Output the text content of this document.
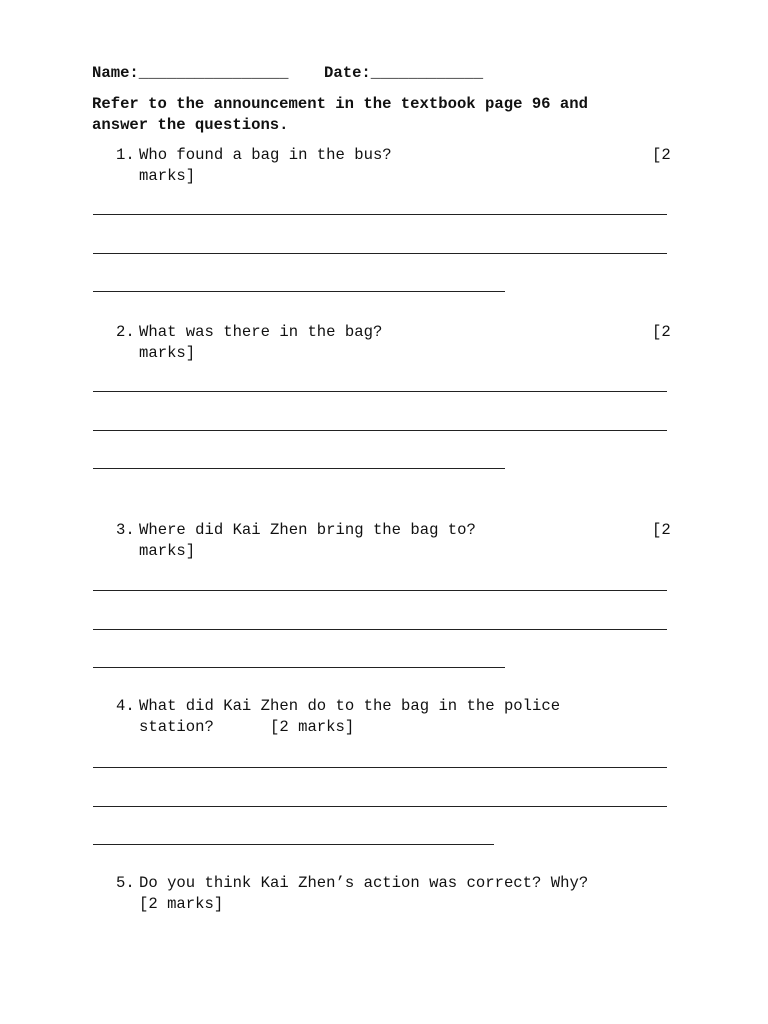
Name:________________ Date:____________
Refer to the announcement in the textbook page 96 and
answer the questions.
1. Who found a bag in the bus?	[2
marks]
2. What was there in the bag?	[2
marks]
3. Where did Kai Zhen bring the bag to?	[2
marks]
4. What did Kai Zhen do to the bag in the police
station?      [2 marks]
5. Do you think Kai Zhen’s action was correct? Why?
[2 marks]
